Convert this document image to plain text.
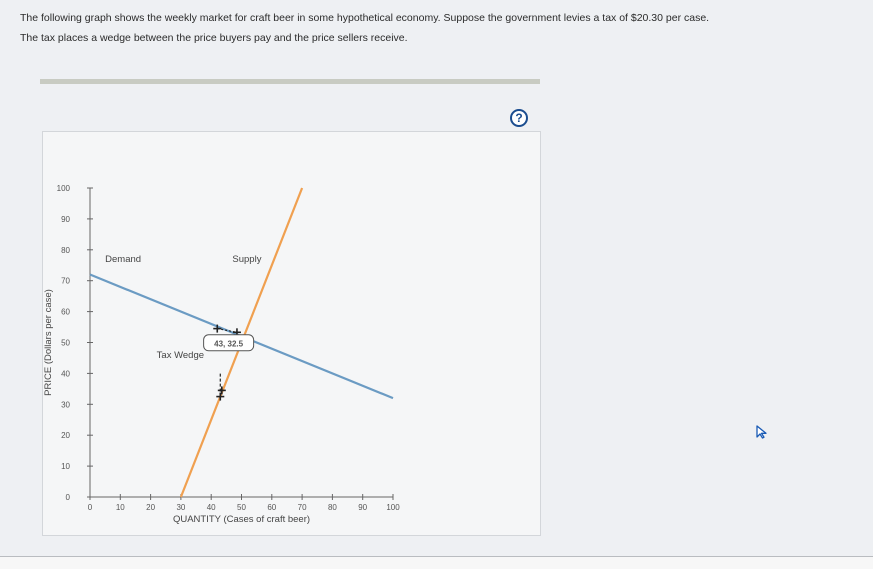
The following graph shows the weekly market for craft beer in some hypothetical economy. Suppose the government levies a tax of $20.30 per case.

The tax places a wedge between the price buyers pay and the price sellers receive.

?
0	10	20	30	40	50	60	70	80	90 100
0
10
20
30
40
50
60
70
80
90
100
QUANTITY (Cases of craft beer)
PRICE (Dollars per case)
Demand	Supply
Tax Wedge
43, 32.5
